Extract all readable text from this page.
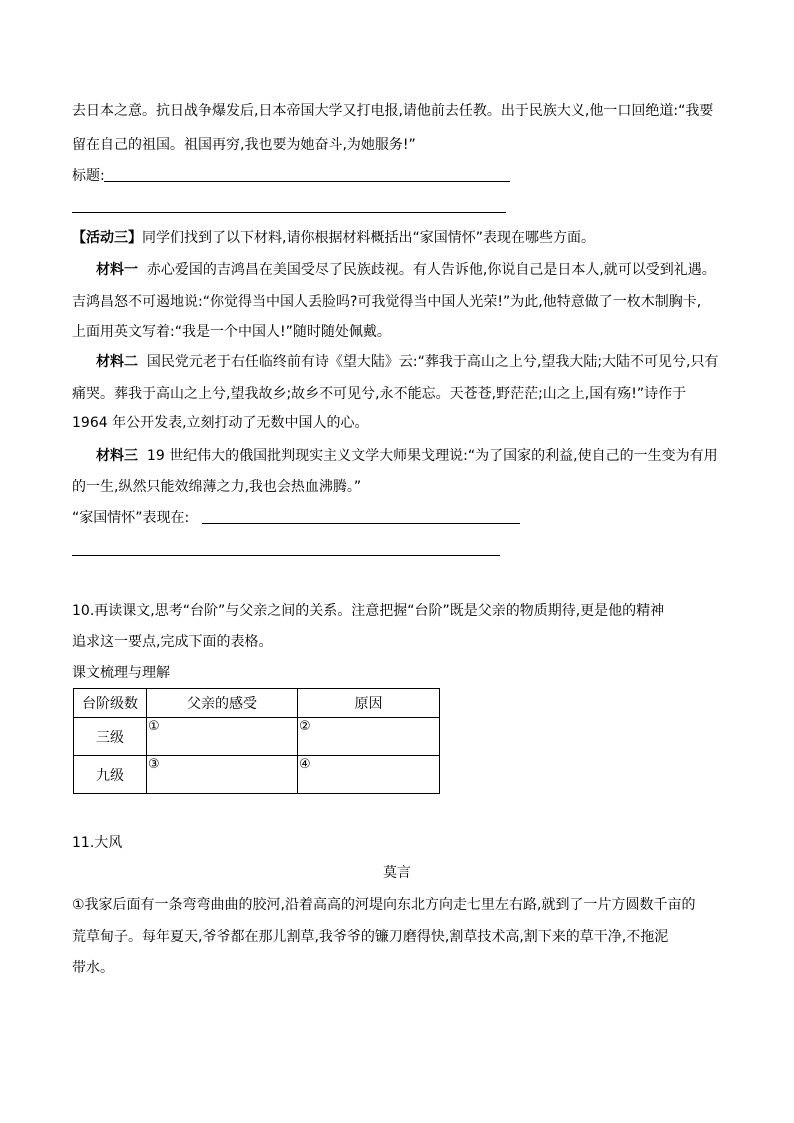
去日本之意。抗日战争爆发后,日本帝国大学又打电报,请他前去任教。出于民族大义,他一口回绝道:“我要
留在自己的祖国。祖国再穷,我也要为她奋斗,为她服务!”
标题:
【活动三】同学们找到了以下材料,请你根据材料概括出“家国情怀”表现在哪些方面。
材料一 赤心爱国的吉鸿昌在美国受尽了民族歧视。有人告诉他,你说自己是日本人,就可以受到礼遇。
吉鸿昌怒不可遏地说:“你觉得当中国人丢脸吗?可我觉得当中国人光荣!”为此,他特意做了一枚木制胸卡,
上面用英文写着:“我是一个中国人!”随时随处佩戴。
材料二 国民党元老于右任临终前有诗《望大陆》云:“葬我于高山之上兮,望我大陆;大陆不可见兮,只有
痛哭。葬我于高山之上兮,望我故乡;故乡不可见兮,永不能忘。天苍苍,野茫茫;山之上,国有殇!”诗作于
1964 年公开发表,立刻打动了无数中国人的心。
材料三 19 世纪伟大的俄国批判现实主义文学大师果戈理说:“为了国家的利益,使自己的一生变为有用
的一生,纵然只能效绵薄之力,我也会热血沸腾。”
“家国情怀”表现在:
10.再读课文,思考“台阶”与父亲之间的关系。注意把握“台阶”既是父亲的物质期待,更是他的精神
追求这一要点,完成下面的表格。
课文梳理与理解
台阶级数	父亲的感受	原因
三级	①	②
九级	③	④
11.大风
莫言
①我家后面有一条弯弯曲曲的胶河,沿着高高的河堤向东北方向走七里左右路,就到了一片方圆数千亩的
荒草甸子。每年夏天,爷爷都在那儿割草,我爷爷的镰刀磨得快,割草技术高,割下来的草干净,不拖泥
带水。
